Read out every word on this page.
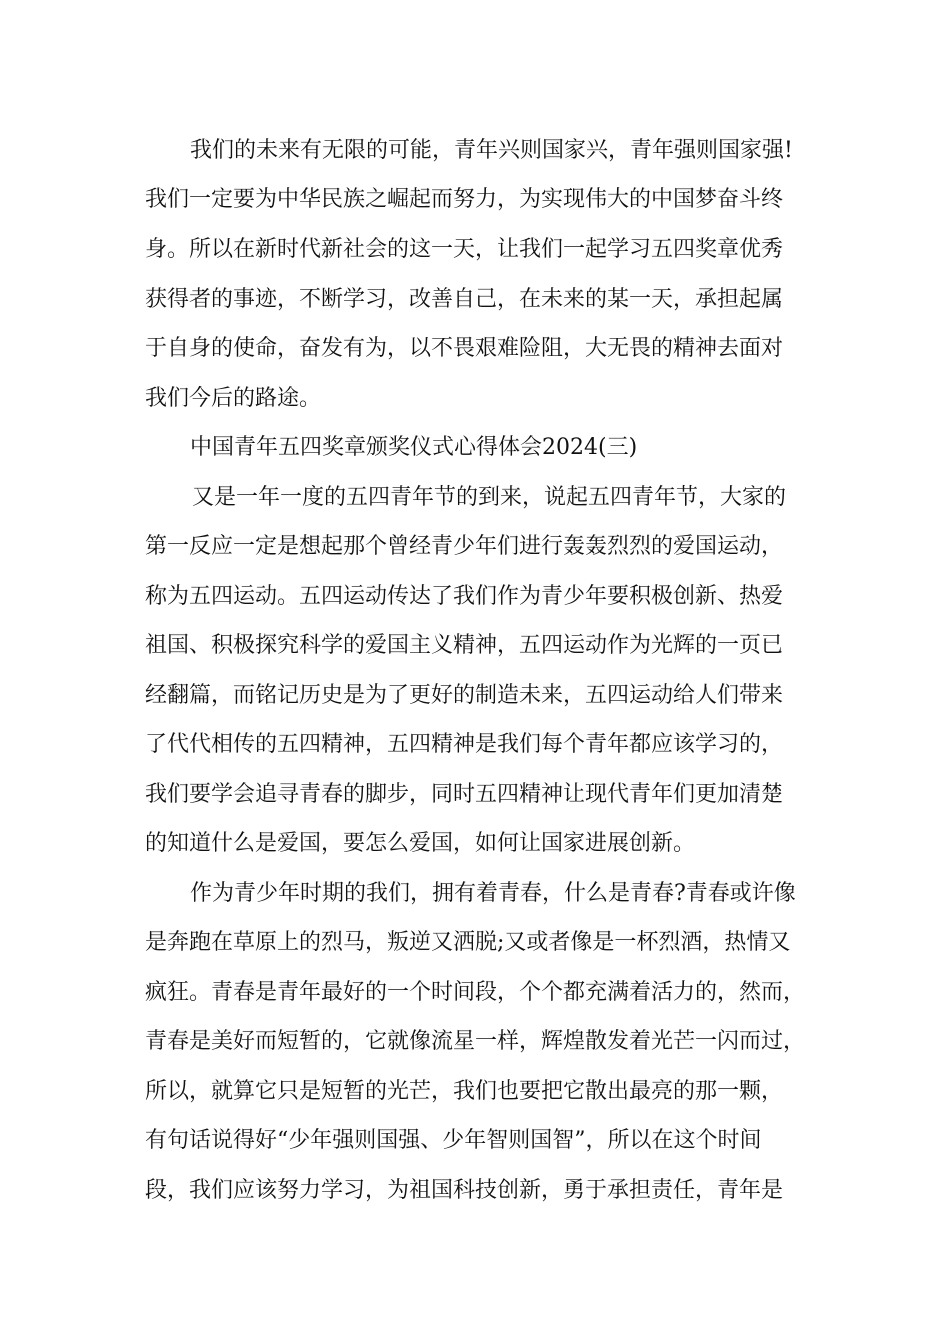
我们的未来有无限的可能，青年兴则国家兴，青年强则国家强!

我们一定要为中华民族之崛起而努力，为实现伟大的中国梦奋斗终

身。所以在新时代新社会的这一天，让我们一起学习五四奖章优秀

获得者的事迹，不断学习，改善自己，在未来的某一天，承担起属

于自身的使命，奋发有为，以不畏艰难险阻，大无畏的精神去面对

我们今后的路途。

中国青年五四奖章颁奖仪式心得体会2024(三)

又是一年一度的五四青年节的到来，说起五四青年节，大家的

第一反应一定是想起那个曾经青少年们进行轰轰烈烈的爱国运动，

称为五四运动。五四运动传达了我们作为青少年要积极创新、热爱

祖国、积极探究科学的爱国主义精神，五四运动作为光辉的一页已

经翻篇，而铭记历史是为了更好的制造未来，五四运动给人们带来

了代代相传的五四精神，五四精神是我们每个青年都应该学习的，

我们要学会追寻青春的脚步，同时五四精神让现代青年们更加清楚

的知道什么是爱国，要怎么爱国，如何让国家进展创新。

作为青少年时期的我们，拥有着青春，什么是青春?青春或许像

是奔跑在草原上的烈马，叛逆又洒脱;又或者像是一杯烈酒，热情又

疯狂。青春是青年最好的一个时间段，个个都充满着活力的，然而，

青春是美好而短暂的，它就像流星一样，辉煌散发着光芒一闪而过，

所以，就算它只是短暂的光芒，我们也要把它散出最亮的那一颗，

有句话说得好“少年强则国强、少年智则国智”，所以在这个时间

段，我们应该努力学习，为祖国科技创新，勇于承担责任，青年是
